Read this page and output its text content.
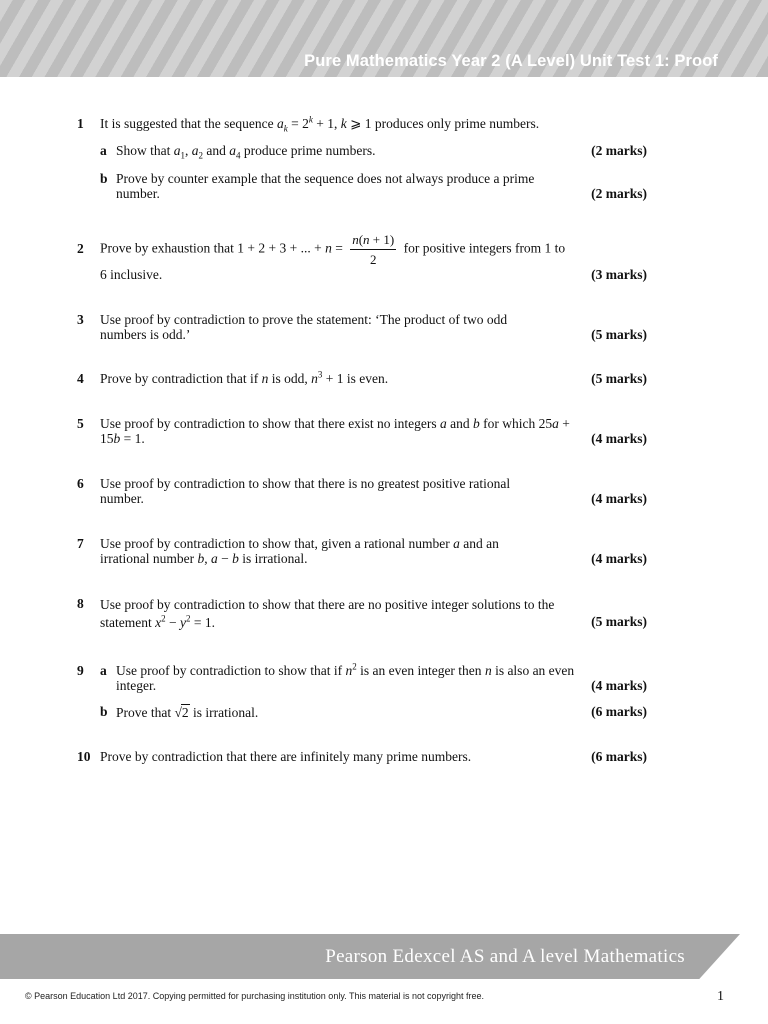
Pure Mathematics Year 2 (A Level) Unit Test 1: Proof
1 It is suggested that the sequence $a_k = 2^k + 1$, k ⩾ 1 produces only prime numbers.
a Show that $a_1$, $a_2$ and $a_4$ produce prime numbers.	(2 marks)
b Prove by counter example that the sequence does not always produce a prime number.	(2 marks)
2 Prove by exhaustion that 1 + 2 + 3 + ... + $n = \frac{n(n + 1)}{2}$ for positive integers from 1 to 6 inclusive.	(3 marks)
3 Use proof by contradiction to prove the statement: ‘The product of two odd numbers is odd.’	(5 marks)
4 Prove by contradiction that if n is odd, $n^3 + 1$ is even.	(5 marks)
5 Use proof by contradiction to show that there exist no integers a and b for which 25a + 15b = 1.	(4 marks)
6 Use proof by contradiction to show that there is no greatest positive rational number.	(4 marks)
7 Use proof by contradiction to show that, given a rational number a and an irrational number b, a − b is irrational.	(4 marks)
8 Use proof by contradiction to show that there are no positive integer solutions to the statement $x^2 - y^2 = 1$.	(5 marks)
9 a Use proof by contradiction to show that if $n^2$ is an even integer then n is also an even integer.	(4 marks)
b Prove that √2 is irrational.	(6 marks)
10 Prove by contradiction that there are infinitely many prime numbers.	(6 marks)
Pearson Edexcel AS and A level Mathematics
© Pearson Education Ltd 2017. Copying permitted for purchasing institution only. This material is not copyright free.	1
